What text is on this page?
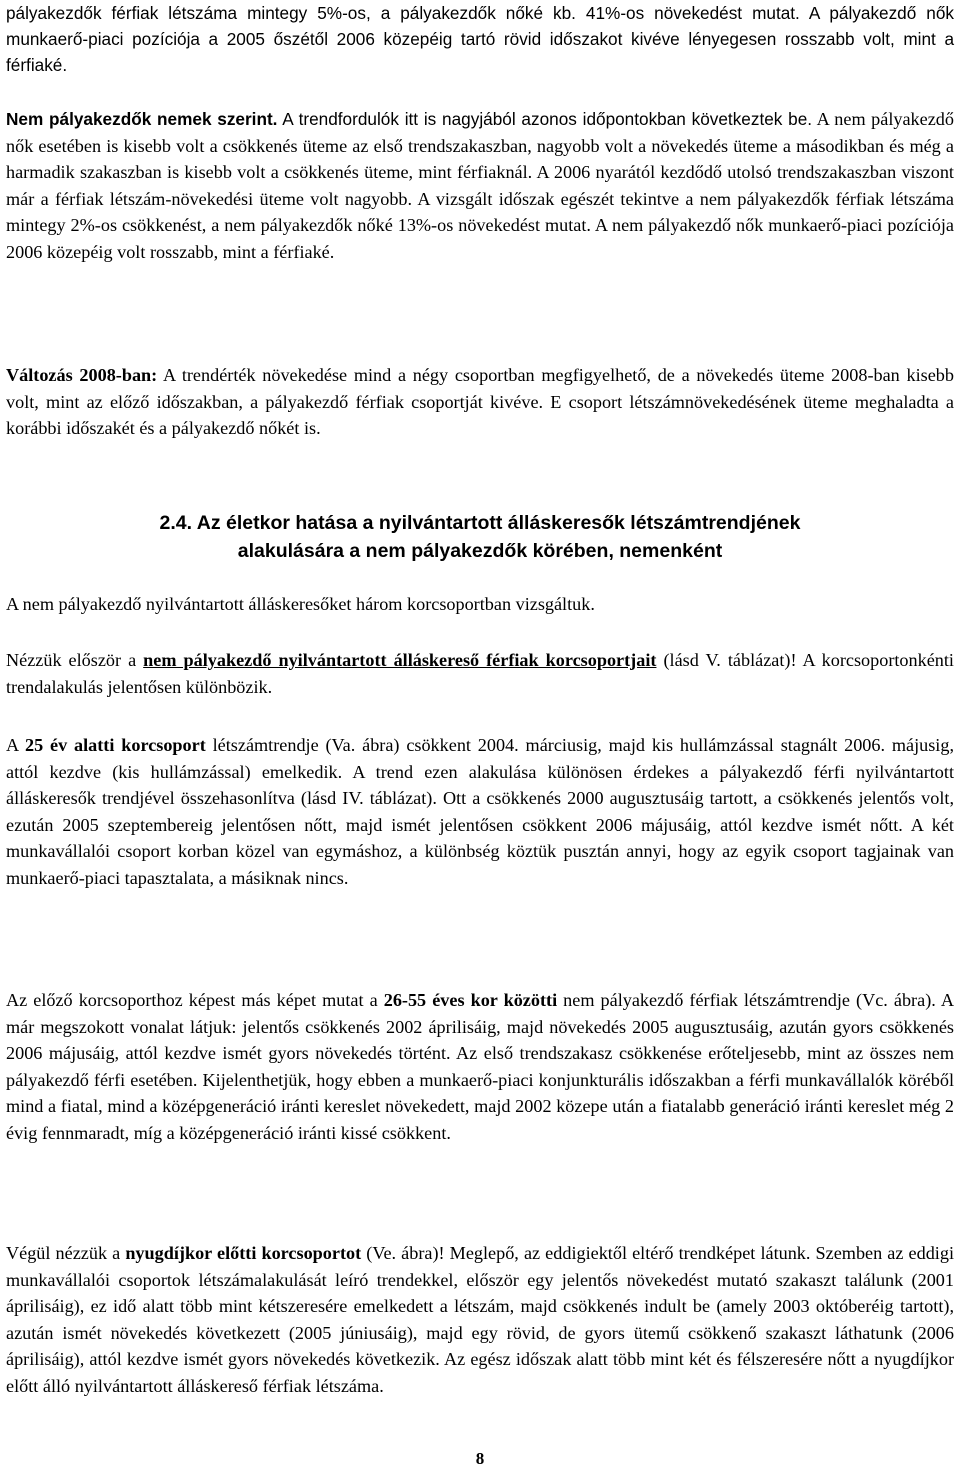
pályakezdők férfiak létszáma mintegy 5%-os, a pályakezdők nőké kb. 41%-os növekedést mutat. A pályakezdő nők munkaerő-piaci pozíciója a 2005 őszétől 2006 közepéig tartó rövid időszakot kivéve lényegesen rosszabb volt, mint a férfiaké.

Nem pályakezdők nemek szerint. A trendfordulók itt is nagyjából azonos időpontokban következtek be. A nem pályakezdő nők esetében is kisebb volt a csökkenés üteme az első trendszakaszban, nagyobb volt a növekedés üteme a másodikban és még a harmadik szakaszban is kisebb volt a csökkenés üteme, mint férfiaknál. A 2006 nyarától kezdődő utolsó trendszakaszban viszont már a férfiak létszám-növekedési üteme volt nagyobb. A vizsgált időszak egészét tekintve a nem pályakezdők férfiak létszáma mintegy 2%-os csökkenést, a nem pályakezdők nőké 13%-os növekedést mutat. A nem pályakezdő nők munkaerő-piaci pozíciója 2006 közepéig volt rosszabb, mint a férfiaké.

Változás 2008-ban: A trendérték növekedése mind a négy csoportban megfigyelhető, de a növekedés üteme 2008-ban kisebb volt, mint az előző időszakban, a pályakezdő férfiak csoportját kivéve. E csoport létszámnövekedésének üteme meghaladta a korábbi időszakét és a pályakezdő nőkét is.

2.4. Az életkor hatása a nyilvántartott álláskeresők létszámtrendjének
alakulására a nem pályakezdők körében, nemenként

A nem pályakezdő nyilvántartott álláskeresőket három korcsoportban vizsgáltuk.

Nézzük először a nem pályakezdő nyilvántartott álláskereső férfiak korcsoportjait (lásd V. táblázat)! A korcsoportonkénti trendalakulás jelentősen különbözik.

A 25 év alatti korcsoport létszámtrendje (Va. ábra) csökkent 2004. márciusig, majd kis hullámzással stagnált 2006. májusig, attól kezdve (kis hullámzással) emelkedik. A trend ezen alakulása különösen érdekes a pályakezdő férfi nyilvántartott álláskeresők trendjével összehasonlítva (lásd IV. táblázat). Ott a csökkenés 2000 augusztusáig tartott, a csökkenés jelentős volt, ezután 2005 szeptembereig jelentősen nőtt, majd ismét jelentősen csökkent 2006 májusáig, attól kezdve ismét nőtt. A két munkavállalói csoport korban közel van egymáshoz, a különbség köztük pusztán annyi, hogy az egyik csoport tagjainak van munkaerő-piaci tapasztalata, a másiknak nincs.

Az előző korcsoporthoz képest más képet mutat a 26-55 éves kor közötti nem pályakezdő férfiak létszámtrendje (Vc. ábra). A már megszokott vonalat látjuk: jelentős csökkenés 2002 áprilisáig, majd növekedés 2005 augusztusáig, azután gyors csökkenés 2006 májusáig, attól kezdve ismét gyors növekedés történt. Az első trendszakasz csökkenése erőteljesebb, mint az összes nem pályakezdő férfi esetében. Kijelenthetjük, hogy ebben a munkaerő-piaci konjunkturális időszakban a férfi munkavállalók köréből mind a fiatal, mind a középgeneráció iránti kereslet növekedett, majd 2002 közepe után a fiatalabb generáció iránti kereslet még 2 évig fennmaradt, míg a középgeneráció iránti kissé csökkent.

Végül nézzük a nyugdíjkor előtti korcsoportot (Ve. ábra)! Meglepő, az eddigiektől eltérő trendképet látunk. Szemben az eddigi munkavállalói csoportok létszámalakulását leíró trendekkel, először egy jelentős növekedést mutató szakaszt találunk (2001 áprilisáig), ez idő alatt több mint kétszeresére emelkedett a létszám, majd csökkenés indult be (amely 2003 októberéig tartott), azután ismét növekedés következett (2005 júniusáig), majd egy rövid, de gyors ütemű csökkenő szakaszt láthatunk (2006 áprilisáig), attól kezdve ismét gyors növekedés következik. Az egész időszak alatt több mint két és félszeresére nőtt a nyugdíjkor előtt álló nyilvántartott álláskereső férfiak létszáma.

8
